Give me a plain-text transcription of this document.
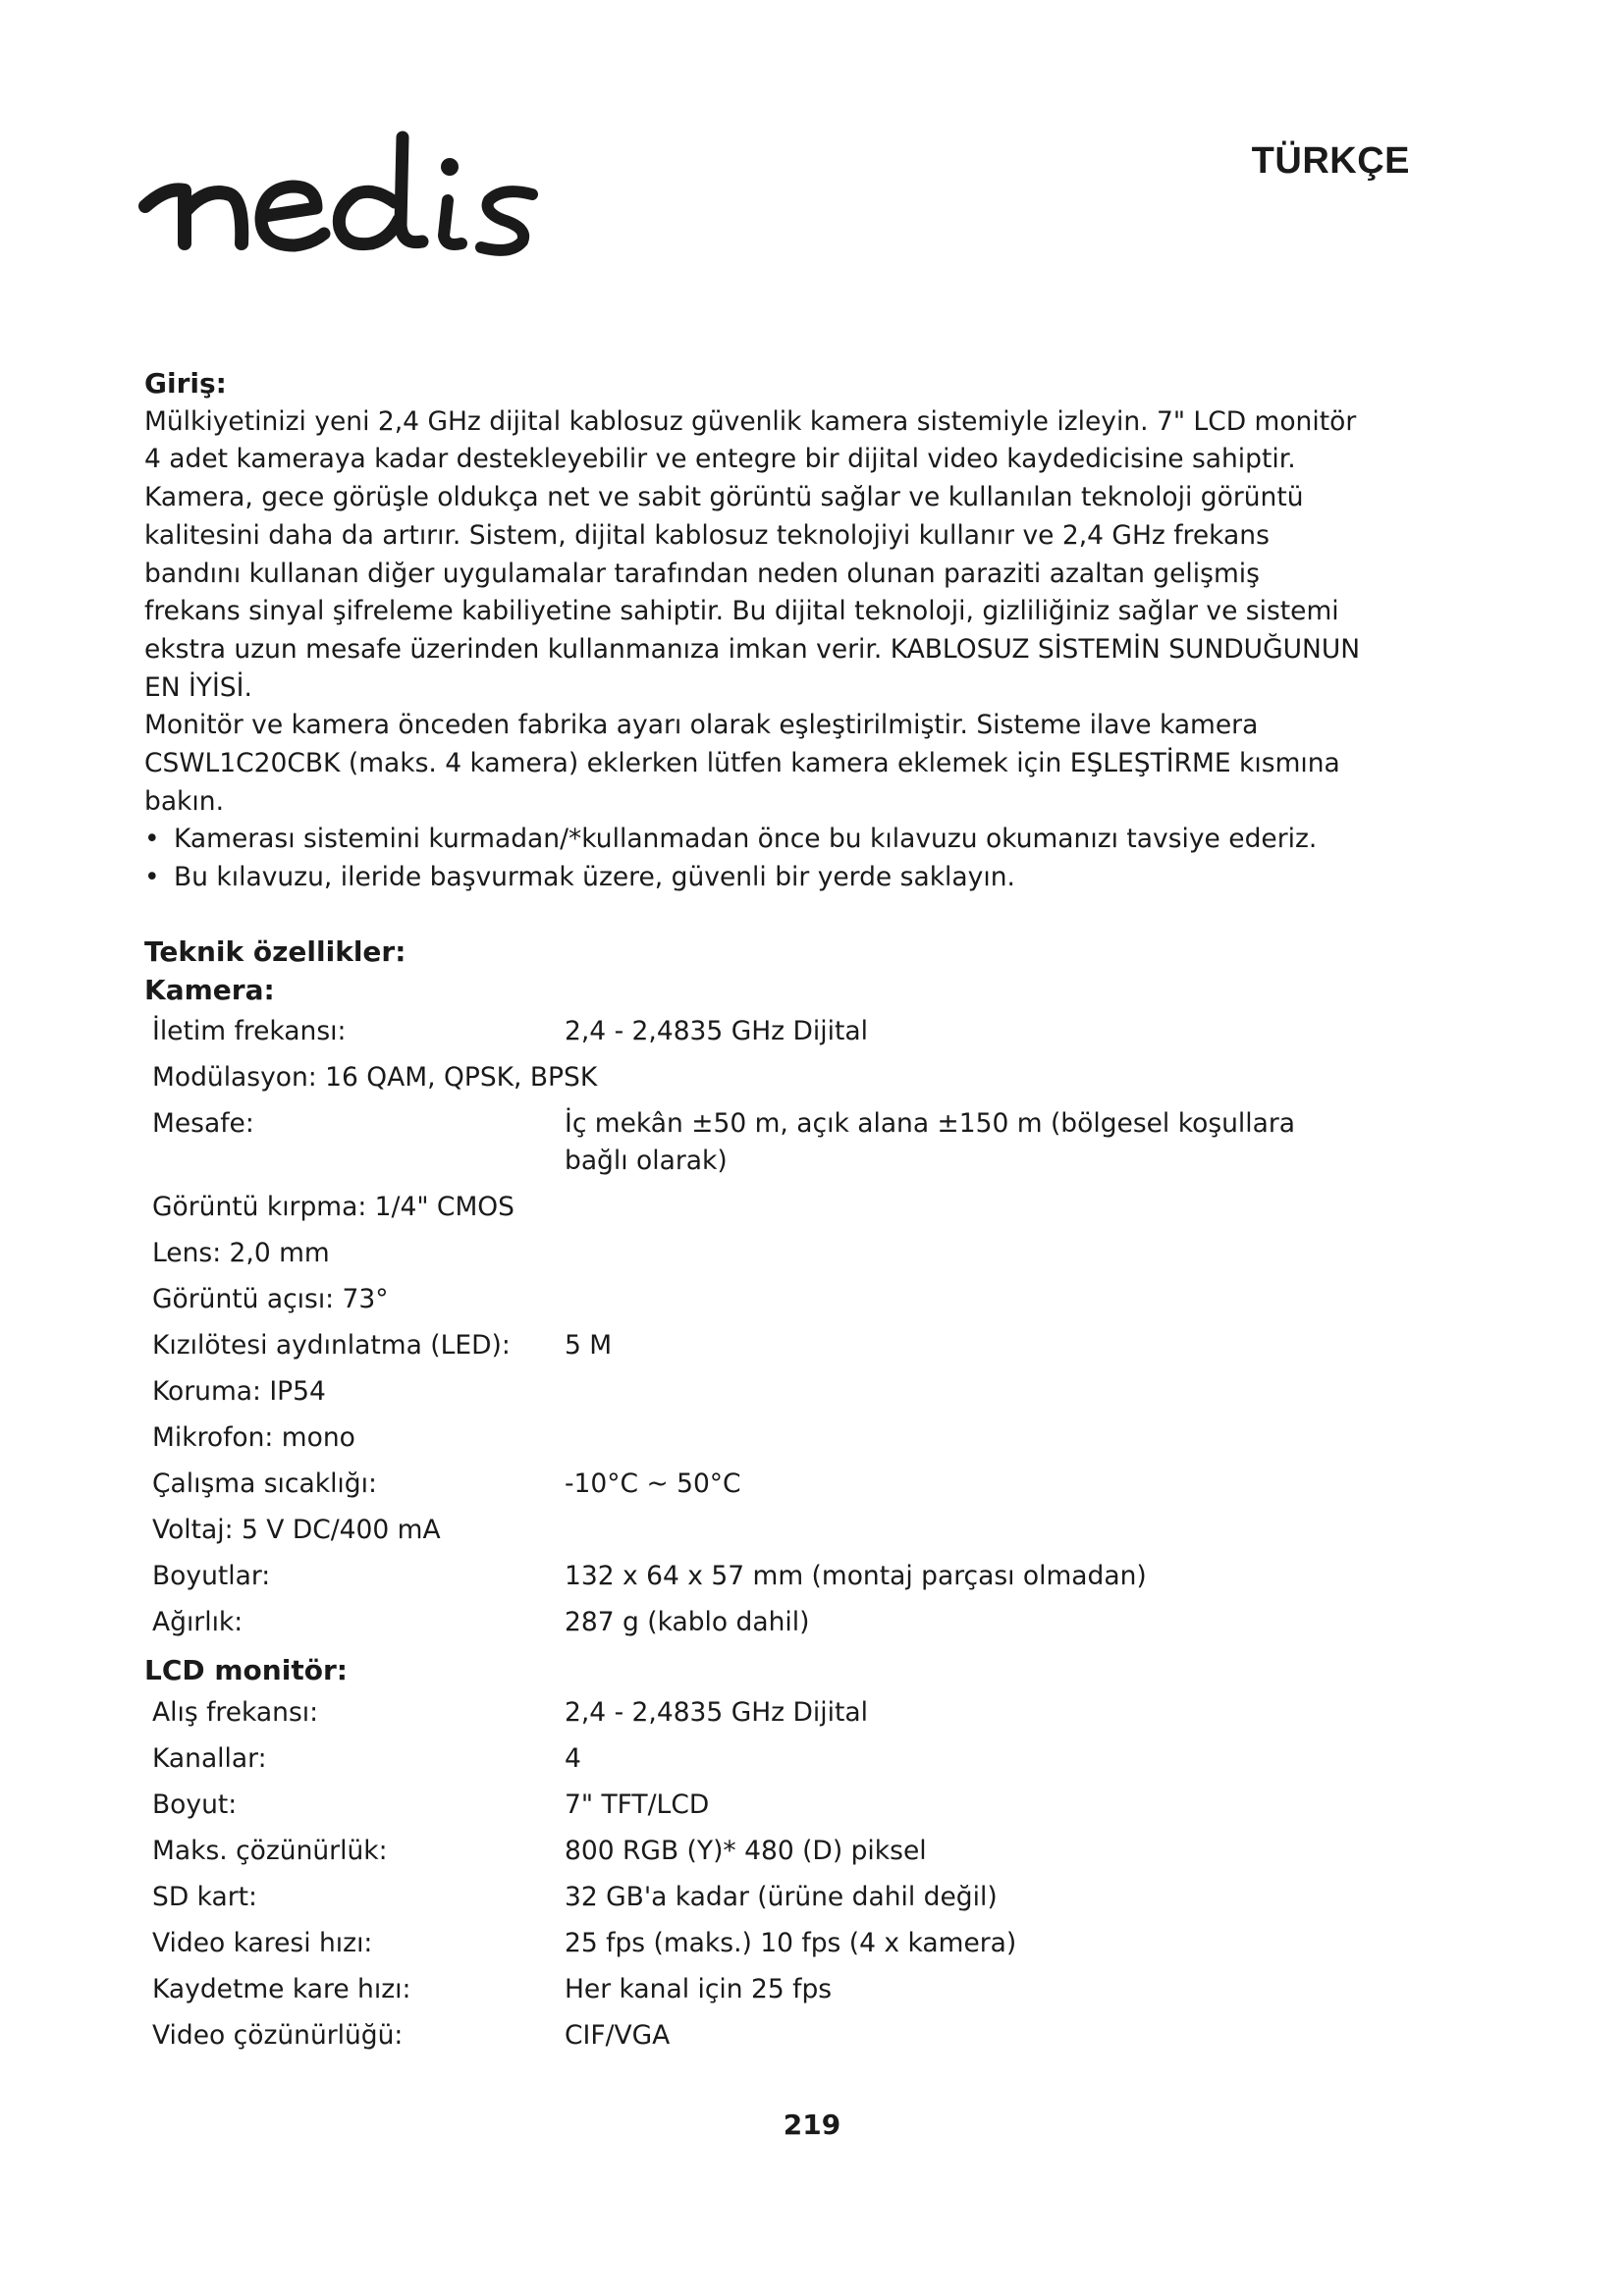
TÜRKÇE
Giriş:

Mülkiyetinizi yeni 2,4 GHz dijital kablosuz güvenlik kamera sistemiyle izleyin. 7" LCD monitör 4 adet kameraya kadar destekleyebilir ve entegre bir dijital video kaydedicisine sahiptir.

Kamera, gece görüşle oldukça net ve sabit görüntü sağlar ve kullanılan teknoloji görüntü kalitesini daha da artırır. Sistem, dijital kablosuz teknolojiyi kullanır ve 2,4 GHz frekans bandını kullanan diğer uygulamalar tarafından neden olunan paraziti azaltan gelişmiş frekans sinyal şifreleme kabiliyetine sahiptir. Bu dijital teknoloji, gizliliğiniz sağlar ve sistemi ekstra uzun mesafe üzerinden kullanmanıza imkan verir. KABLOSUZ SİSTEMİN SUNDUĞUNUN EN İYİSİ.

Monitör ve kamera önceden fabrika ayarı olarak eşleştirilmiştir. Sisteme ilave kamera CSWL1C20CBK (maks. 4 kamera) eklerken lütfen kamera eklemek için EŞLEŞTİRME kısmına bakın.

• Kamerası sistemini kurmadan/*kullanmadan önce bu kılavuzu okumanızı tavsiye ederiz.
• Bu kılavuzu, ileride başvurmak üzere, güvenli bir yerde saklayın.
Teknik özellikler:
Kamera:
İletim frekansı:	2,4 - 2,4835 GHz Dijital
Modülasyon: 16 QAM, QPSK, BPSK
Mesafe:	İç mekân ±50 m, açık alana ±150 m (bölgesel koşullara bağlı olarak)
Görüntü kırpma: 1/4" CMOS
Lens: 2,0 mm
Görüntü açısı: 73°
Kızılötesi aydınlatma (LED):	5 M
Koruma: IP54
Mikrofon: mono
Çalışma sıcaklığı:	-10°C ~ 50°C
Voltaj: 5 V DC/400 mA
Boyutlar:	132 x 64 x 57 mm (montaj parçası olmadan)
Ağırlık:	287 g (kablo dahil)
LCD monitör:
Alış frekansı:	2,4 - 2,4835 GHz Dijital
Kanallar:	4
Boyut:	7" TFT/LCD
Maks. çözünürlük:	800 RGB (Y)* 480 (D) piksel
SD kart:	32 GB'a kadar (ürüne dahil değil)
Video karesi hızı:	25 fps (maks.) 10 fps (4 x kamera)
Kaydetme kare hızı:	Her kanal için 25 fps
Video çözünürlüğü:	CIF/VGA
219
